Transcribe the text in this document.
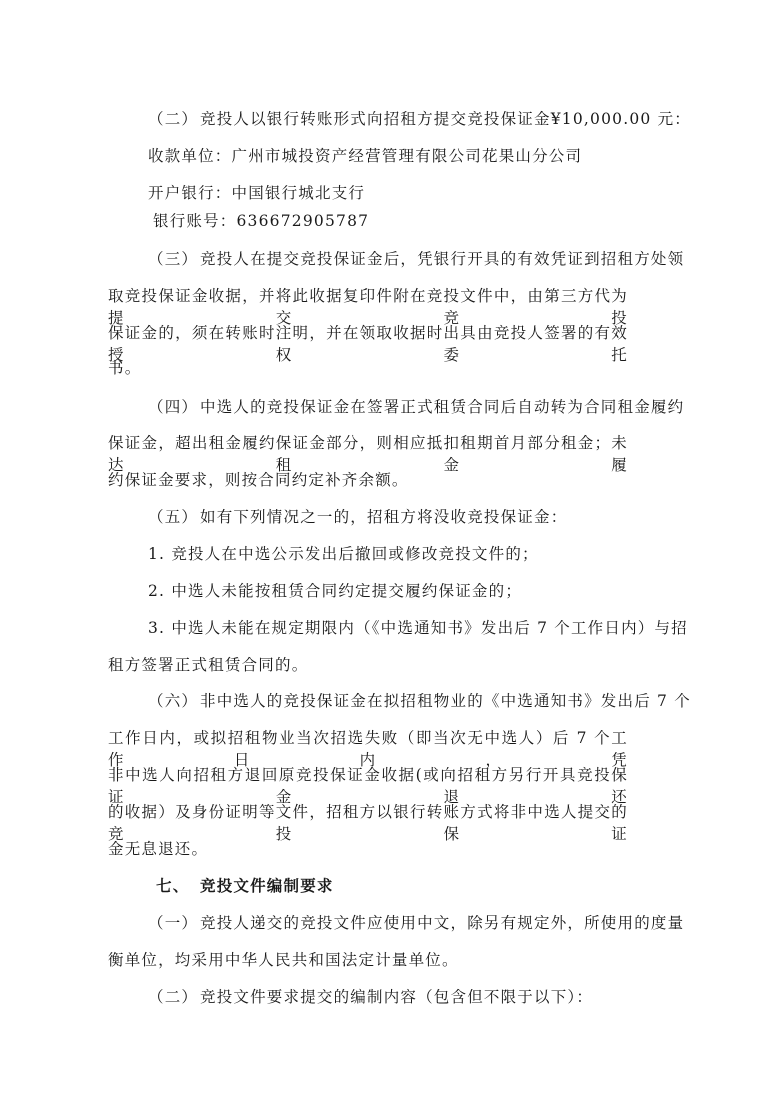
（二） 竞投人以银行转账形式向招租方提交竞投保证金¥10,000.00 元：
收款单位：广州市城投资产经营管理有限公司花果山分公司
开户银行：中国银行城北支行
银行账号：636672905787
（三） 竞投人在提交竞投保证金后，凭银行开具的有效凭证到招租方处领
取竞投保证金收据，并将此收据复印件附在竞投文件中，由第三方代为提交竞投
保证金的，须在转账时注明，并在领取收据时出具由竞投人签署的有效授权委托
书。
（四） 中选人的竞投保证金在签署正式租赁合同后自动转为合同租金履约
保证金，超出租金履约保证金部分，则相应抵扣租期首月部分租金；未达租金履
约保证金要求，则按合同约定补齐余额。
（五） 如有下列情况之一的，招租方将没收竞投保证金：
1. 竞投人在中选公示发出后撤回或修改竞投文件的；
2. 中选人未能按租赁合同约定提交履约保证金的；
3. 中选人未能在规定期限内（《中选通知书》发出后 7 个工作日内）与招
租方签署正式租赁合同的。
（六） 非中选人的竞投保证金在拟招租物业的《中选通知书》发出后 7 个
工作日内，或拟招租物业当次招选失败（即当次无中选人）后 7 个工作日内，凭
非中选人向招租方退回原竞投保证金收据(或向招租方另行开具竞投保证金退还
的收据）及身份证明等文件，招租方以银行转账方式将非中选人提交的竞投保证
金无息退还。
七、 竞投文件编制要求
（一） 竞投人递交的竞投文件应使用中文，除另有规定外，所使用的度量
衡单位，均采用中华人民共和国法定计量单位。
（二） 竞投文件要求提交的编制内容（包含但不限于以下）：
